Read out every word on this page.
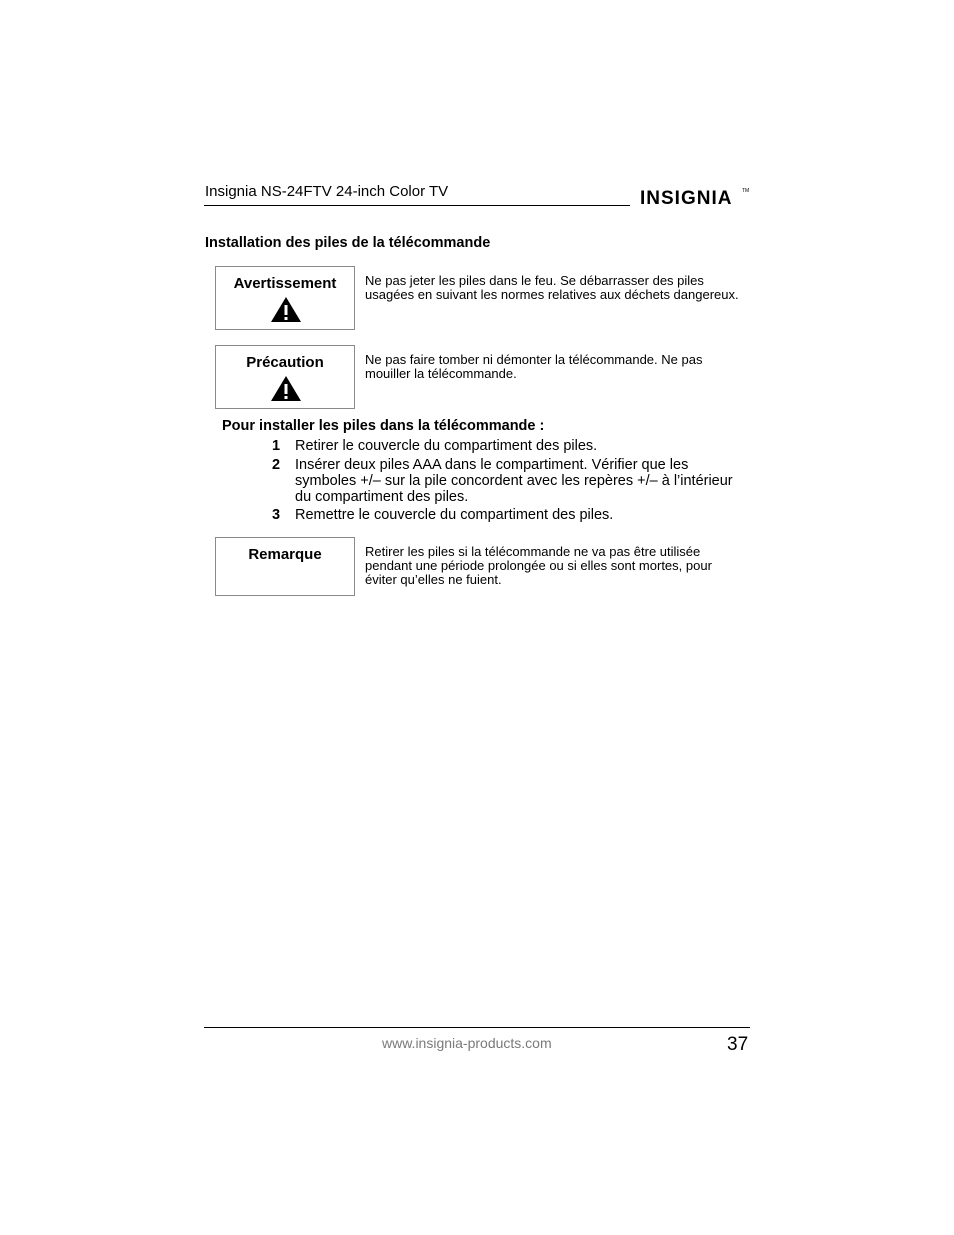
Insignia NS-24FTV 24-inch Color TV	INSIGNIA TM
Installation des piles de la télécommande
Avertissement	Ne pas jeter les piles dans le feu. Se débarrasser des piles usagées en suivant les normes relatives aux déchets dangereux.
Précaution	Ne pas faire tomber ni démonter la télécommande. Ne pas mouiller la télécommande.
Pour installer les piles dans la télécommande :
1 Retirer le couvercle du compartiment des piles.
2 Insérer deux piles AAA dans le compartiment. Vérifier que les symboles +/– sur la pile concordent avec les repères +/– à l’intérieur du compartiment des piles.
3 Remettre le couvercle du compartiment des piles.
Remarque	Retirer les piles si la télécommande ne va pas être utilisée pendant une période prolongée ou si elles sont mortes, pour éviter qu’elles ne fuient.
www.insignia-products.com	37
